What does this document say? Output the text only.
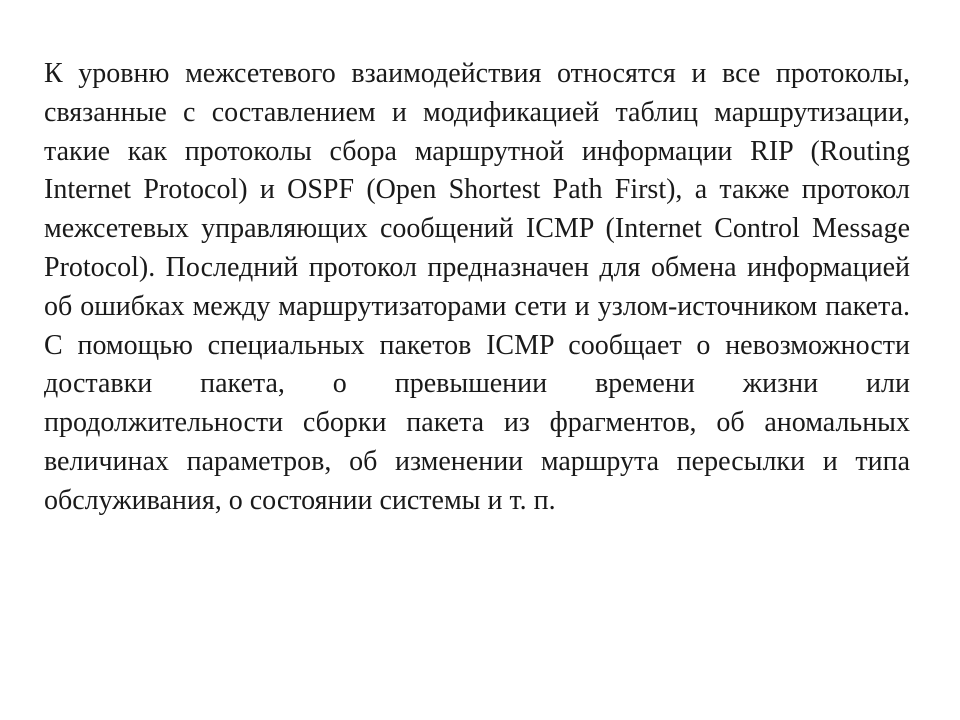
К уровню межсетевого взаимодействия относятся и все протоколы, связанные с составлением и модификацией таблиц маршрутизации, такие как протоколы сбора маршрутной информации RIP (Routing Internet Protocol) и OSPF (Open Shortest Path First), а также протокол межсетевых управляющих сообщений ICMP (Internet Control Message Protocol). Последний протокол предназначен для обмена информацией об ошибках между маршрутизаторами сети и узлом-источником пакета. С помощью специальных пакетов ICMP сообщает о невозможности доставки пакета, о превышении времени жизни или продолжительности сборки пакета из фрагментов, об аномальных величинах параметров, об изменении маршрута пересылки и типа обслуживания, о состоянии системы и т. п.
